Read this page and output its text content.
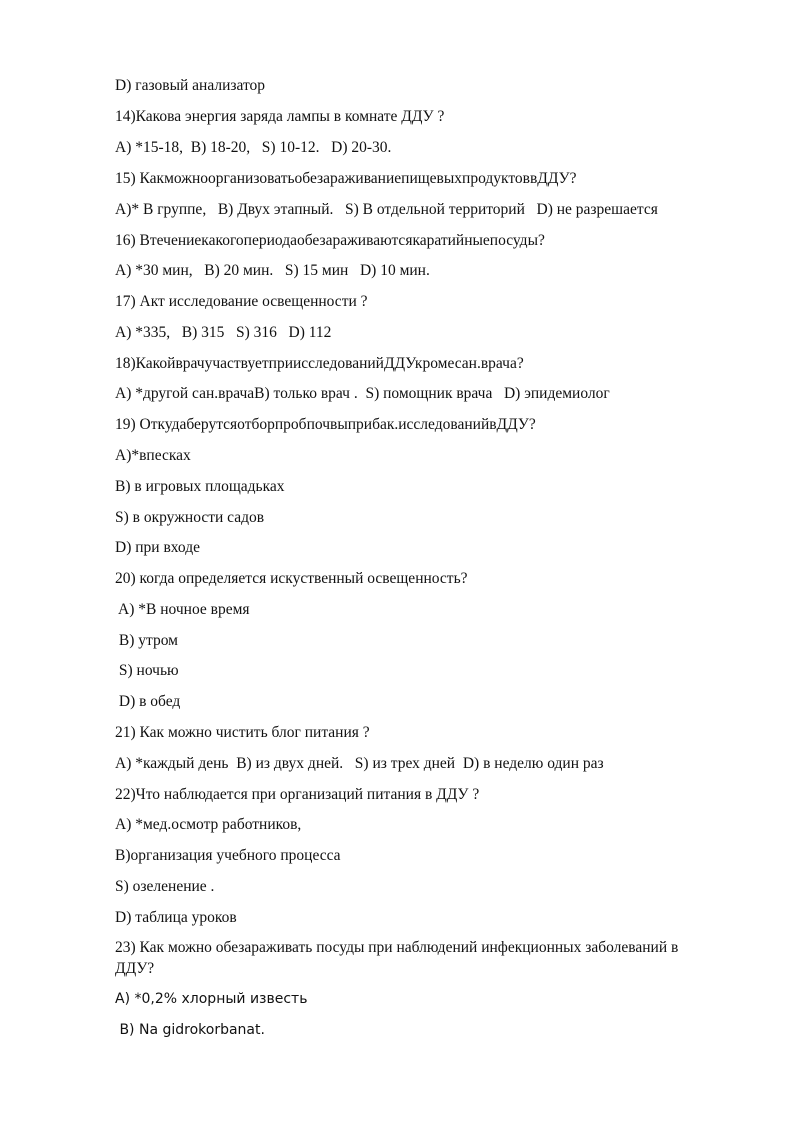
D) газовый анализатор
14)Какова энергия заряда лампы в комнате ДДУ ?
A) *15-18,  B) 18-20,   S) 10-12.   D) 20-30.
15) КакможноорганизоватьобезараживаниепищевыхпродуктоввДДУ?
A)* В группе,   B) Двух этапный.   S) В отдельной территорий   D) не разрешается
16) Втечениекакогопериодаобезараживаютсякаратийныепосуды?
A) *30 мин,   B) 20 мин.   S) 15 мин   D) 10 мин.
17) Акт исследование освещенности ?
A) *335,   B) 315   S) 316   D) 112
18)КакойврачучаствуетприисследованийДДУкромесан.врача?
A) *другой сан.врачаB) только врач .  S) помощник врача   D) эпидемиолог
19) Откудаберутсяотборпробпочвыприбак.исследованийвДДУ?
A)*впесках
B) в игровых площадьках
S) в окружности садов
D) при входе
20) когда определяется искуственный освещенность?
A) *В ночное время
B) утром
S) ночью
D) в обед
21) Как можно чистить блог питания ?
A) *каждый день  B) из двух дней.   S) из трех дней  D) в неделю один раз
22)Что наблюдается при организаций питания в ДДУ ?
A) *мед.осмотр работников,
B)организация учебного процесса
S) озеленение .
D) таблица уроков
23) Как можно обезараживать посуды при наблюдений инфекционных заболеваний в ДДУ?
A) *0,2% хлорный известь
B) Na gidrokorbanat.
